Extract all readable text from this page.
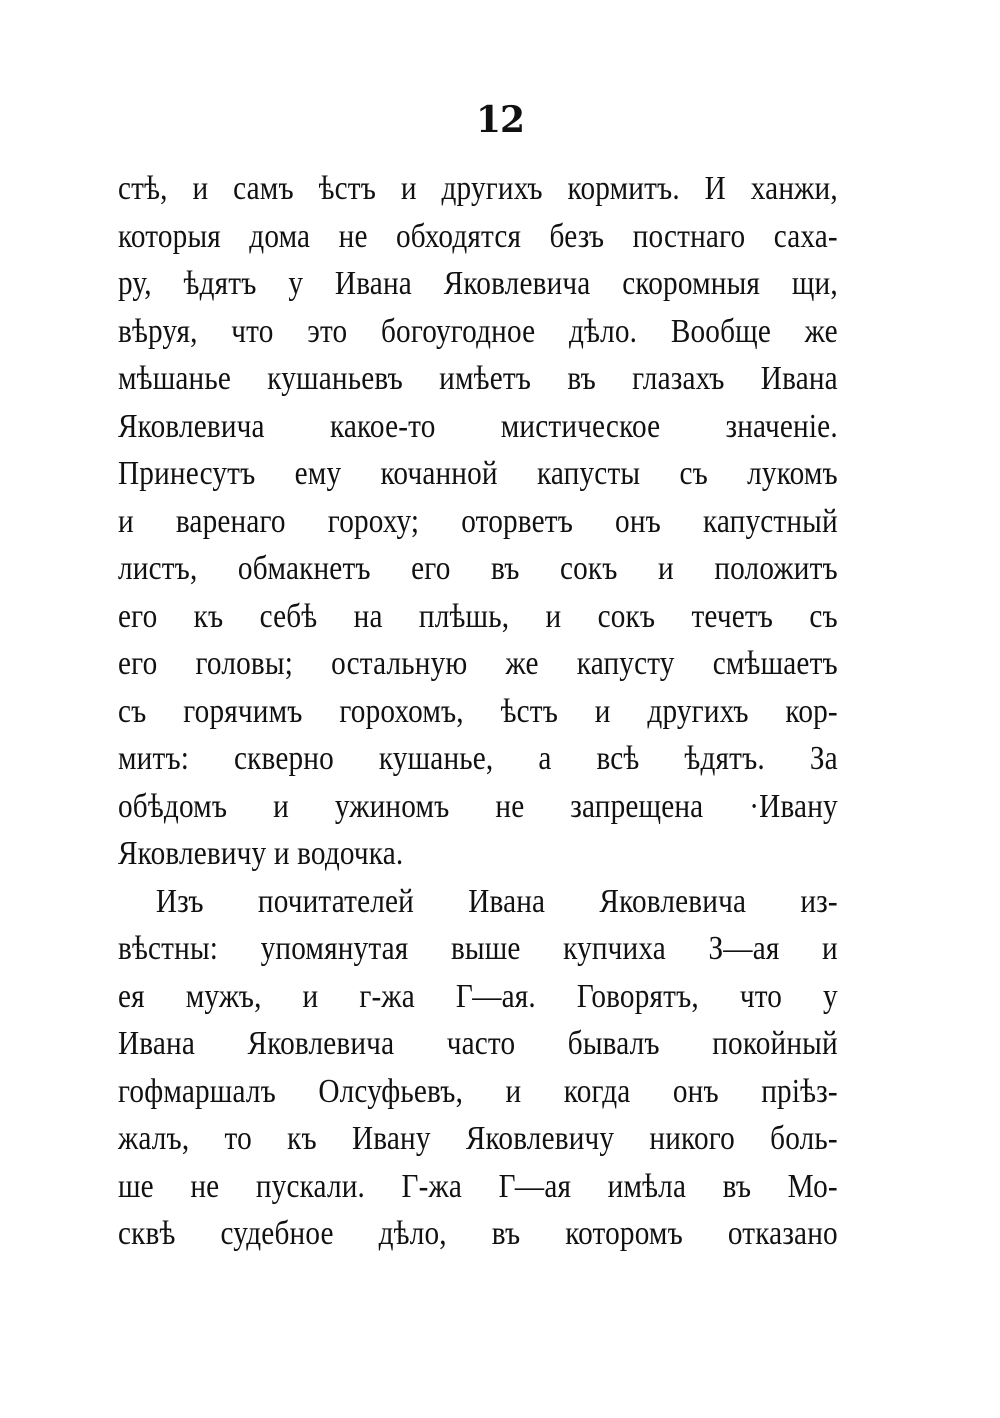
12
стѣ, и самъ ѣстъ и другихъ кормитъ. И ханжи,
которыя дома не обходятся безъ постнаго саха-
ру, ѣдятъ у Ивана Яковлевича скоромныя щи,
вѣруя, что это богоугодное дѣло. Вообще же
мѣшанье кушаньевъ имѣетъ въ глазахъ Ивана
Яковлевича какое-то мистическое значенiе.
Принесутъ ему кочанной капусты съ лукомъ
и варенаго гороху; оторветъ онъ капустный
листъ, обмакнетъ его въ сокъ и положитъ
его къ себѣ на плѣшь, и сокъ течетъ съ
его головы; остальную же капусту смѣшаетъ
съ горячимъ горохомъ, ѣстъ и другихъ кор-
митъ: скверно кушанье, а всѣ ѣдятъ. За
обѣдомъ и ужиномъ не запрещена ·Ивану
Яковлевичу и водочка.
Изъ почитателей Ивана Яковлевича из-
вѣстны: упомянутая выше купчиха З—ая и
ея мужъ, и г-жа Г—ая. Говорятъ, что у
Ивана Яковлевича часто бывалъ покойный
гофмаршалъ Олсуфьевъ, и когда онъ прiѣз-
жалъ, то къ Ивану Яковлевичу никого боль-
ше не пускали. Г-жа Г—ая имѣла въ Мо-
сквѣ судебное дѣло, въ которомъ отказано
